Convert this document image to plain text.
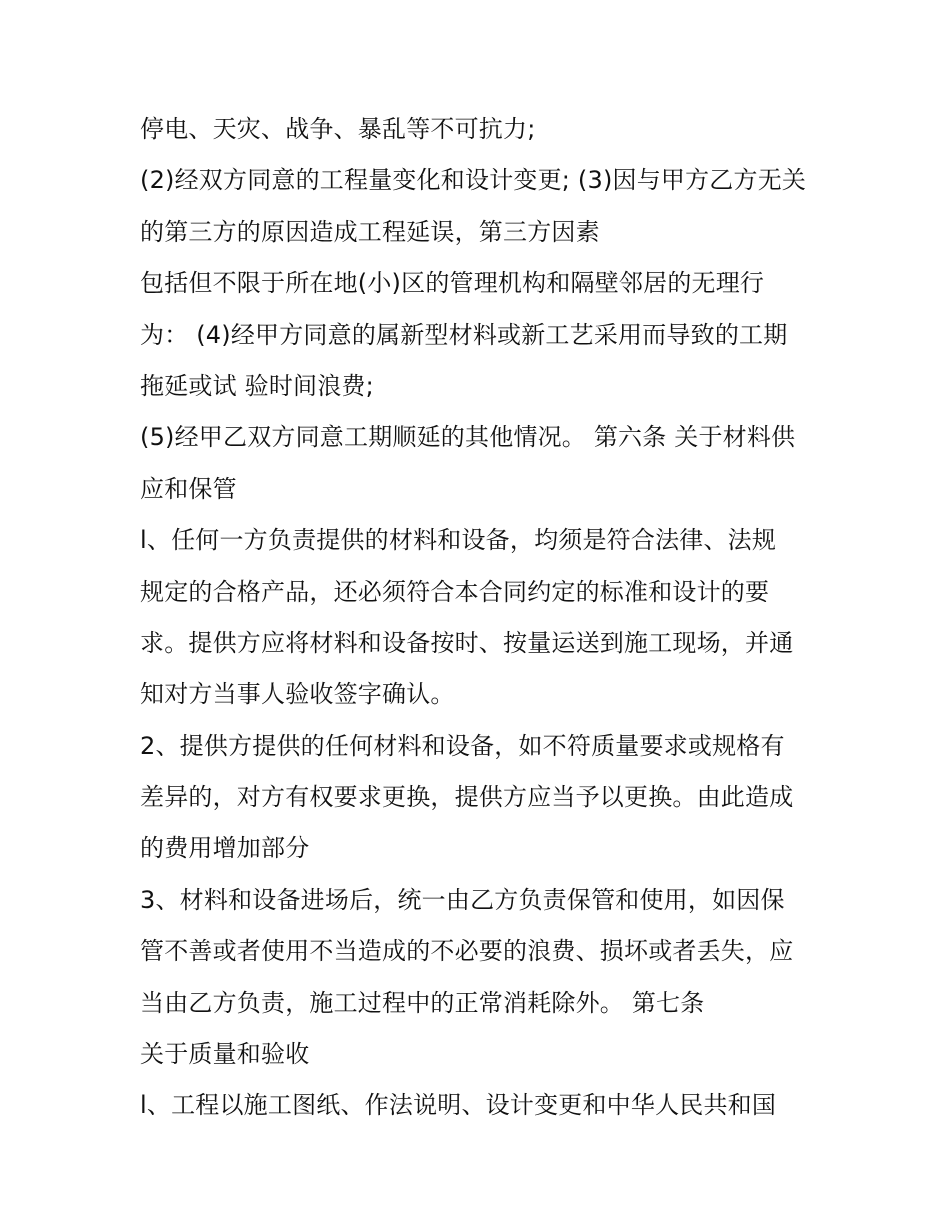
停电、天灾、战争、暴乱等不可抗力;
(2)经双方同意的工程量变化和设计变更; (3)因与甲方乙方无关
的第三方的原因造成工程延误，第三方因素
包括但不限于所在地(小)区的管理机构和隔壁邻居的无理行
为： (4)经甲方同意的属新型材料或新工艺采用而导致的工期
拖延或试 验时间浪费;
(5)经甲乙双方同意工期顺延的其他情况。 第六条 关于材料供
应和保管
l、任何一方负责提供的材料和设备，均须是符合法律、法规
规定的合格产品，还必须符合本合同约定的标准和设计的要
求。提供方应将材料和设备按时、按量运送到施工现场，并通
知对方当事人验收签字确认。
2、提供方提供的任何材料和设备，如不符质量要求或规格有
差异的，对方有权要求更换，提供方应当予以更换。由此造成
的费用增加部分
3、材料和设备进场后，统一由乙方负责保管和使用，如因保
管不善或者使用不当造成的不必要的浪费、损坏或者丢失，应
当由乙方负责，施工过程中的正常消耗除外。 第七条
关于质量和验收
l、工程以施工图纸、作法说明、设计变更和中华人民共和国
